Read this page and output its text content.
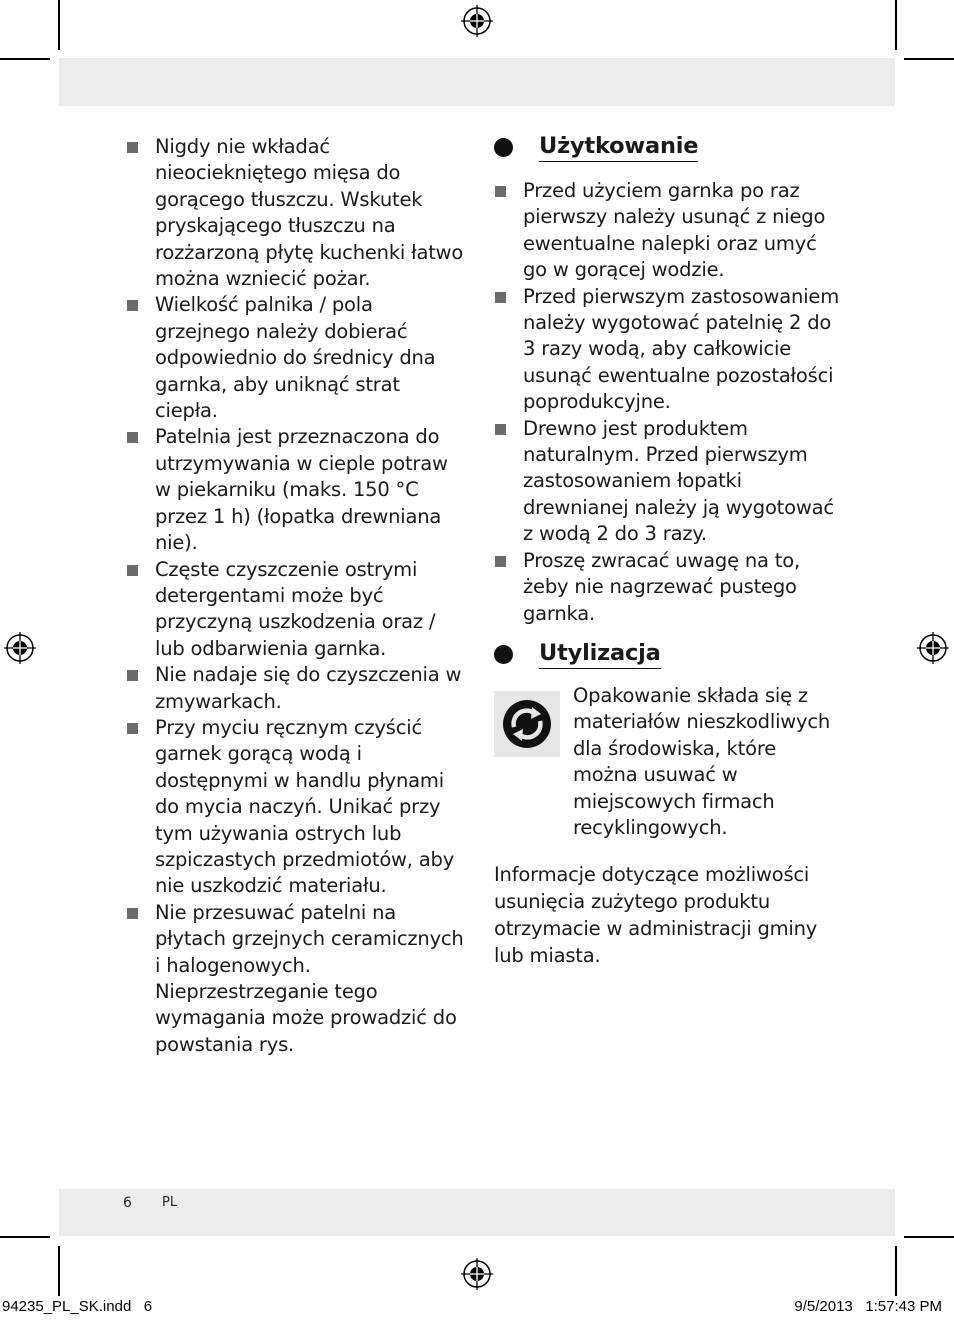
Nigdy nie wkładać nieociekniętego mięsa do gorącego tłuszczu. Wskutek pryskającego tłuszczu na rozżarzoną płytę kuchenki łatwo można wzniecić pożar.
Wielkość palnika / pola grzejnego należy dobierać odpowiednio do średnicy dna garnka, aby uniknąć strat ciepła.
Patelnia jest przeznaczona do utrzymywania w cieple potraw w piekarniku (maks. 150 °C przez 1 h) (łopatka drewniana nie).
Częste czyszczenie ostrymi detergentami może być przyczyną uszkodzenia oraz / lub odbarwienia garnka.
Nie nadaje się do czyszczenia w zmywarkach.
Przy myciu ręcznym czyścić garnek gorącą wodą i dostępnymi w handlu płynami do mycia naczyń. Unikać przy tym używania ostrych lub szpiczastych przedmiotów, aby nie uszkodzić materiału.
Nie przesuwać patelni na płytach grzejnych ceramicznych i halogenowych. Nieprzestrzeganie tego wymagania może prowadzić do powstania rys.
Użytkowanie
Przed użyciem garnka po raz pierwszy należy usunąć z niego ewentualne nalepki oraz umyć go w gorącej wodzie.
Przed pierwszym zastosowaniem należy wygotować patelnię 2 do 3 razy wodą, aby całkowicie usunąć ewentualne pozostałości poprodukcyjne.
Drewno jest produktem naturalnym. Przed pierwszym zastosowaniem łopatki drewnianej należy ją wygotować z wodą 2 do 3 razy.
Proszę zwracać uwagę na to, żeby nie nagrzewać pustego garnka.
Utylizacja
Opakowanie składa się z materiałów nieszkodliwych dla środowiska, które można usuwać w miejscowych firmach recyklingowych.
Informacje dotyczące możliwości usunięcia zużytego produktu otrzymacie w administracji gminy lub miasta.
6 PL
94235_PL_SK.indd   6	9/5/2013   1:57:43 PM
